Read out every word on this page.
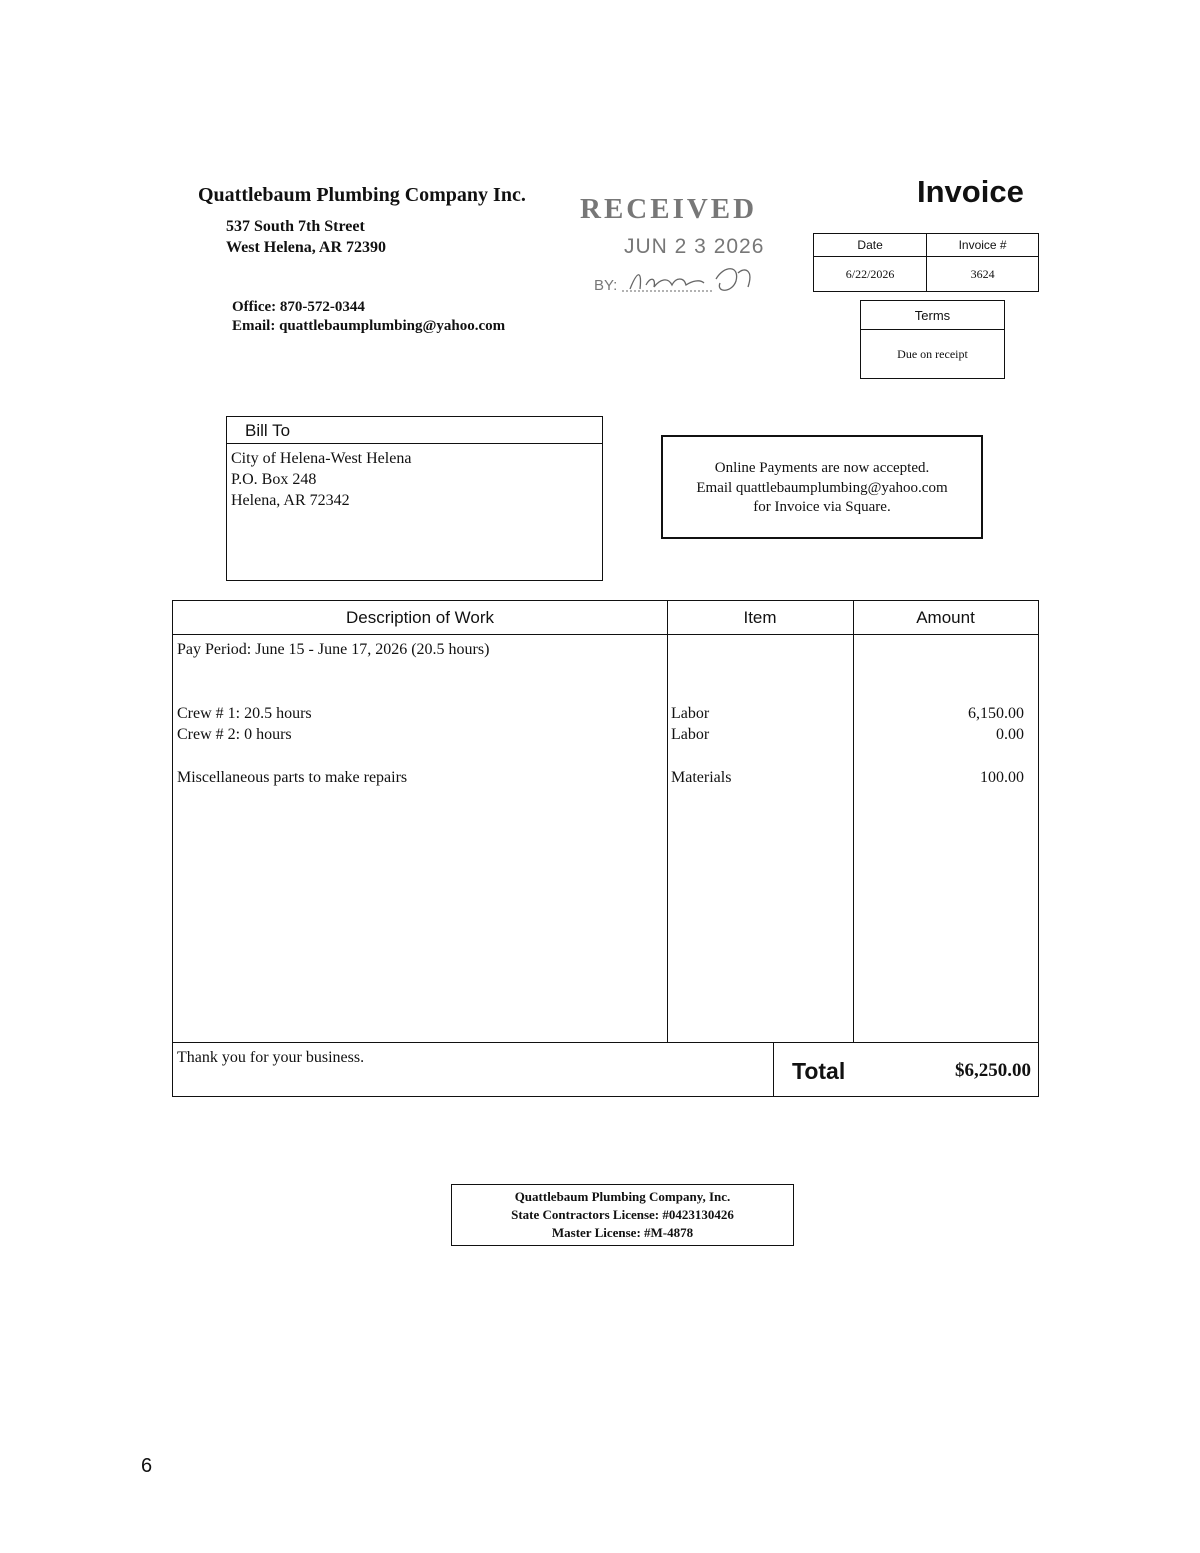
Quattlebaum Plumbing Company Inc.
537 South 7th Street
West Helena, AR 72390
Office: 870-572-0344
Email: quattlebaumplumbing@yahoo.com
Invoice
RECEIVED
JUN 2 3 2026
BY:
Date	Invoice #
6/22/2026	3624
Terms
Due on receipt
Bill To
City of Helena-West Helena
P.O. Box 248
Helena, AR 72342
Online Payments are now accepted.
Email quattlebaumplumbing@yahoo.com
for Invoice via Square.
Description of Work	Item	Amount
Pay Period: June 15 - June 17, 2026 (20.5 hours)
Crew # 1: 20.5 hours	Labor	6,150.00
Crew # 2: 0 hours	Labor	0.00
Miscellaneous parts to make repairs	Materials	100.00
Thank you for your business.
Total	$6,250.00
Quattlebaum Plumbing Company, Inc.
State Contractors License: #0423130426
Master License: #M-4878
6
